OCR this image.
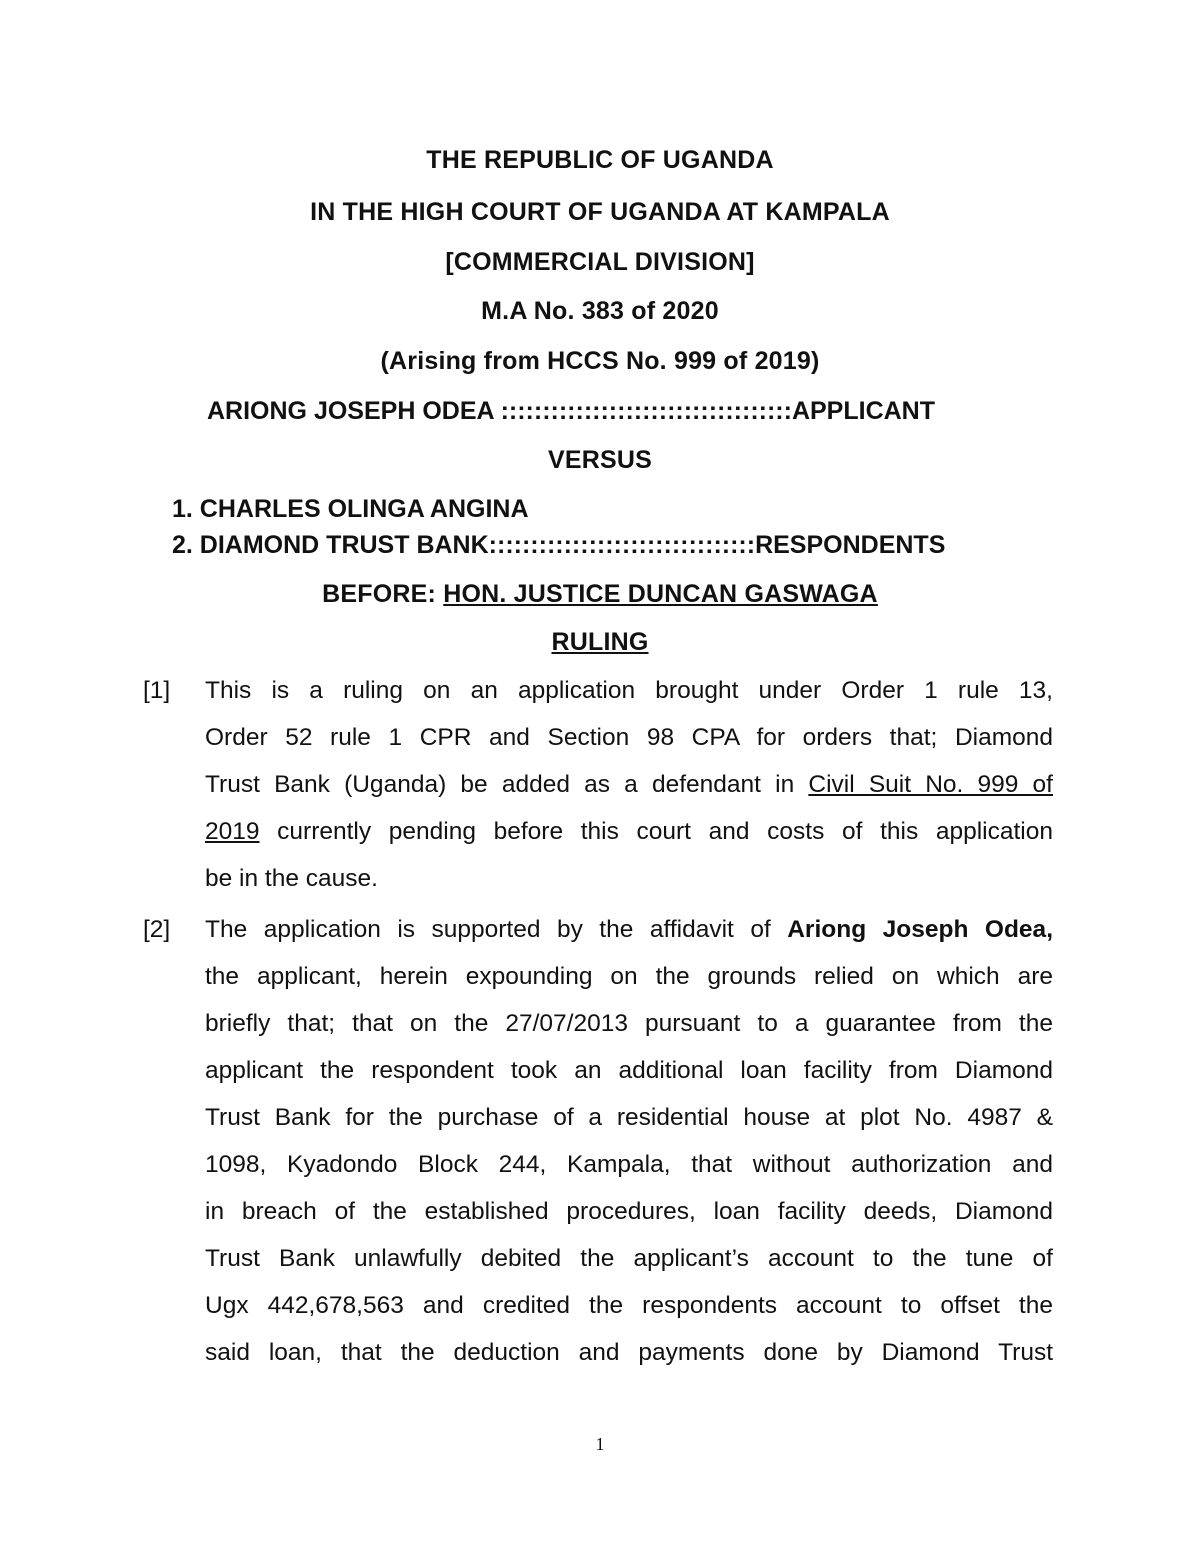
THE REPUBLIC OF UGANDA
IN THE HIGH COURT OF UGANDA AT KAMPALA
[COMMERCIAL DIVISION]
M.A No. 383 of 2020
(Arising from HCCS No. 999 of 2019)
ARIONG JOSEPH ODEA :::::::::::::::::::::::::::::::::::APPLICANT
VERSUS
1. CHARLES OLINGA ANGINA
2. DIAMOND TRUST BANK::::::::::::::::::::::::::::::::RESPONDENTS
BEFORE: HON. JUSTICE DUNCAN GASWAGA
RULING
[1]	This is a ruling on an application brought under Order 1 rule 13,
Order 52 rule 1 CPR and Section 98 CPA for orders that; Diamond
Trust Bank (Uganda) be added as a defendant in Civil Suit No. 999 of
2019 currently pending before this court and costs of this application
be in the cause.
[2]	The application is supported by the affidavit of Ariong Joseph Odea,
the applicant, herein expounding on the grounds relied on which are
briefly that; that on the 27/07/2013 pursuant to a guarantee from the
applicant the respondent took an additional loan facility from Diamond
Trust Bank for the purchase of a residential house at plot No. 4987 &
1098, Kyadondo Block 244, Kampala, that without authorization and
in breach of the established procedures, loan facility deeds, Diamond
Trust Bank unlawfully debited the applicant’s account to the tune of
Ugx 442,678,563 and credited the respondents account to offset the
said loan, that the deduction and payments done by Diamond Trust
1
